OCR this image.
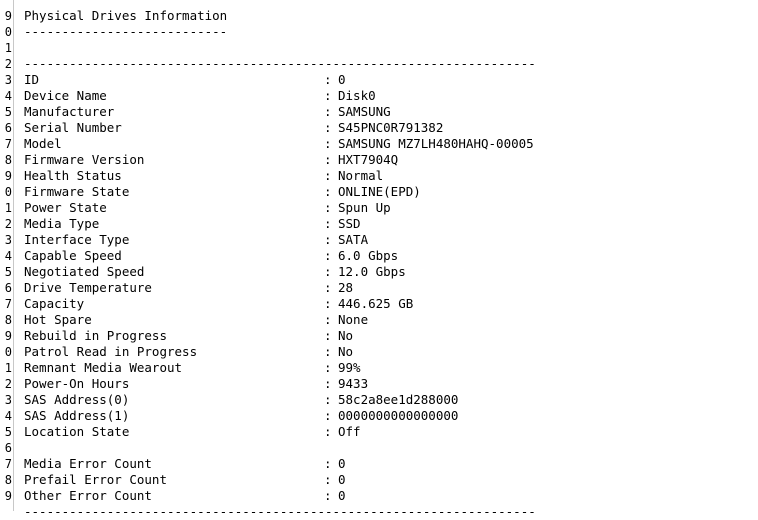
9
0
1
2
3
4
5
6
7
8
9
0
1
2
3
4
5
6
7
8
9
0
1
2
3
4
5
6
7
8
9
Physical Drives Information
---------------------------
--------------------------------------------------------------------
ID	: 0
Device Name	: Disk0
Manufacturer	: SAMSUNG
Serial Number	: S45PNC0R791382
Model	: SAMSUNG MZ7LH480HAHQ-00005
Firmware Version	: HXT7904Q
Health Status	: Normal
Firmware State	: ONLINE(EPD)
Power State	: Spun Up
Media Type	: SSD
Interface Type	: SATA
Capable Speed	: 6.0 Gbps
Negotiated Speed	: 12.0 Gbps
Drive Temperature	: 28
Capacity	: 446.625 GB
Hot Spare	: None
Rebuild in Progress	: No
Patrol Read in Progress	: No
Remnant Media Wearout	: 99%
Power-On Hours	: 9433
SAS Address(0)	: 58c2a8ee1d288000
SAS Address(1)	: 0000000000000000
Location State	: Off
Media Error Count	: 0
Prefail Error Count	: 0
Other Error Count	: 0
--------------------------------------------------------------------
